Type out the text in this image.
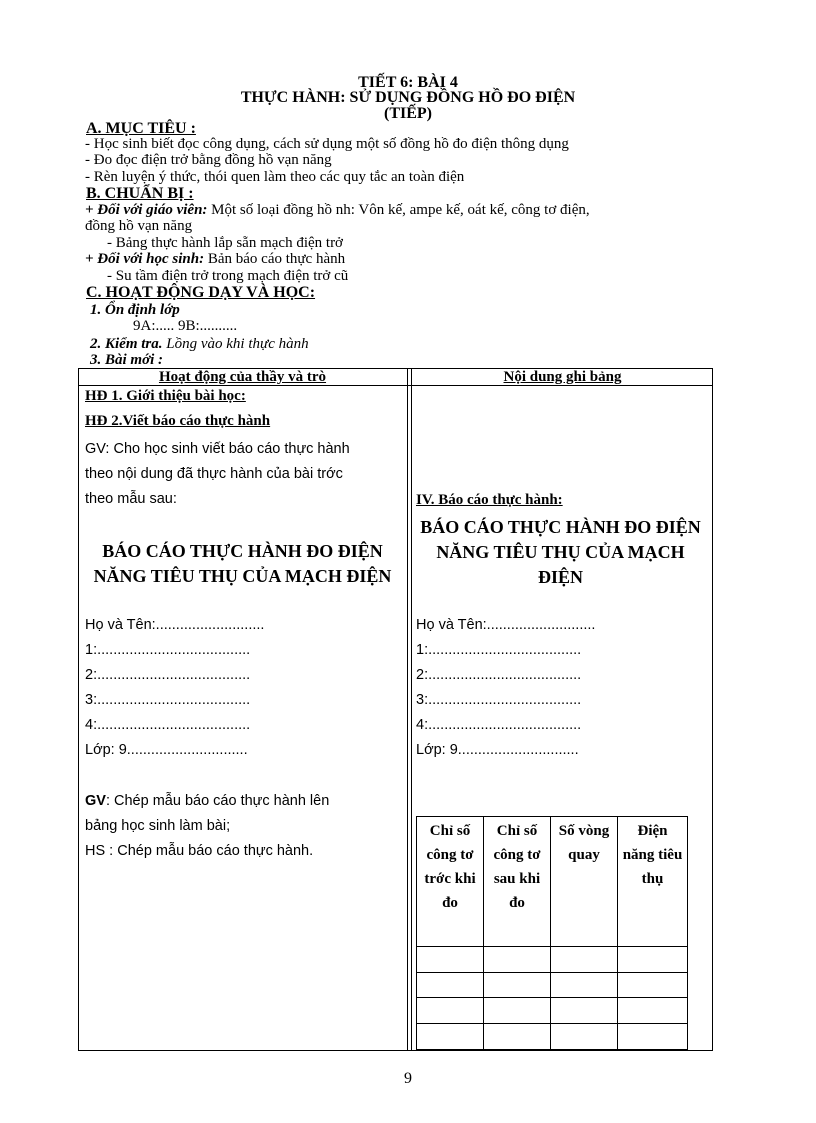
TIẾT 6: BÀI 4
THỰC HÀNH: SỬ DỤNG ĐỒNG HỒ ĐO ĐIỆN
(TIẾP)
A. MỤC TIÊU :
- Học sinh biết đọc công dụng, cách sử dụng một số đồng hồ đo điện thông dụng
- Đo đọc điện trở bằng đồng hồ vạn năng
- Rèn luyện ý thức, thói quen làm theo các quy tắc an toàn điện
B. CHUẨN BỊ :
+ Đối với giáo viên: Một số loại đồng hồ nh: Vôn kế, ampe kế, oát kế, công tơ điện,
đồng hồ vạn năng
- Bảng thực hành lắp sẵn mạch điện trở
+ Đối với học sinh: Bản báo cáo thực hành
- Su tầm điện trở trong mạch điện trở cũ
C. HOẠT ĐỘNG DẠY VÀ HỌC:
1. Ổn định lớp
9A:..... 9B:..........
2. Kiểm tra. Lồng vào khi thực hành
3. Bài mới :
Hoạt động của thầy và trò	Nội dung ghi bảng
HĐ 1. Giới thiệu bài học:
HĐ 2.Viết báo cáo thực hành
GV: Cho học sinh viết báo cáo thực hành
theo nội dung đã thực hành của bài trớc
theo mẫu sau:
BÁO CÁO THỰC HÀNH ĐO ĐIỆN NĂNG TIÊU THỤ CỦA MẠCH ĐIỆN
Họ và Tên:...........................
1:......................................
2:......................................
3:......................................
4:......................................
Lớp: 9..............................
GV: Chép mẫu báo cáo thực hành lên
bảng học sinh làm bài;
HS : Chép mẫu báo cáo thực hành.
IV. Báo cáo thực hành:
BÁO CÁO THỰC HÀNH ĐO ĐIỆN NĂNG TIÊU THỤ CỦA MẠCH ĐIỆN
Họ và Tên:...........................
1:......................................
2:......................................
3:......................................
4:......................................
Lớp: 9..............................
Chỉ số công tơ trớc khi đo	Chỉ số công tơ sau khi đo	Số vòng quay	Điện năng tiêu thụ

9
